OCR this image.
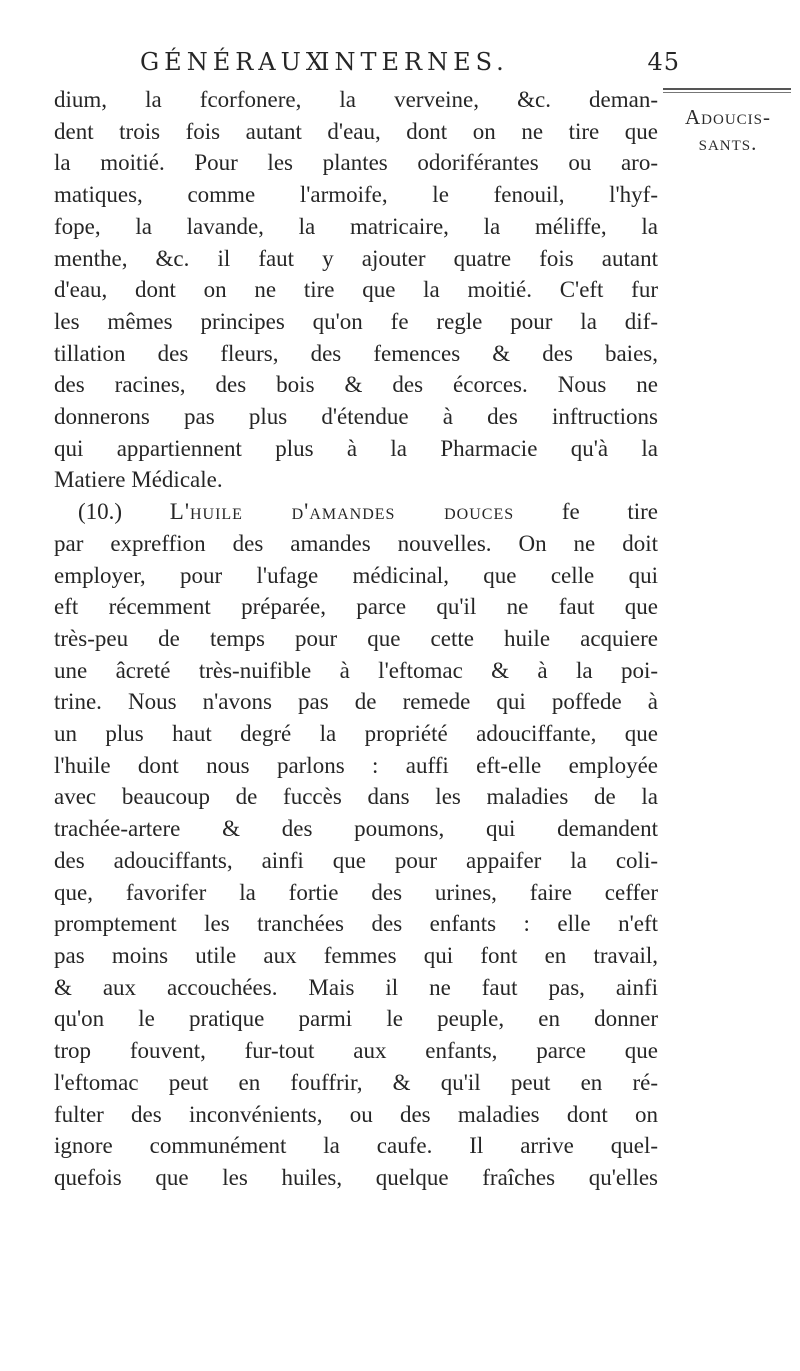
GÉNÉRAUX
INTERNES.	45
Adoucis-
sants.
dium, la fcorfonere, la verveine, &c. deman-
dent trois fois autant d'eau, dont on ne tire que
la moitié. Pour les plantes odoriférantes ou aro-
matiques, comme l'armoife, le fenouil, l'hyf-
fope, la lavande, la matricaire, la méliffe, la
menthe, &c. il faut y ajouter quatre fois autant
d'eau, dont on ne tire que la moitié. C'eft fur
les mêmes principes qu'on fe regle pour la dif-
tillation des fleurs, des femences & des baies,
des racines, des bois & des écorces. Nous ne
donnerons pas plus d'étendue à des inftructions
qui appartiennent plus à la Pharmacie qu'à la
Matiere Médicale.
(10.) L'huile d'amandes douces fe tire
par expreffion des amandes nouvelles. On ne doit
employer, pour l'ufage médicinal, que celle qui
eft récemment préparée, parce qu'il ne faut que
très-peu de temps pour que cette huile acquiere
une âcreté très-nuifible à l'eftomac & à la poi-
trine. Nous n'avons pas de remede qui poffede à
un plus haut degré la propriété adouciffante, que
l'huile dont nous parlons : auffi eft-elle employée
avec beaucoup de fuccès dans les maladies de la
trachée-artere & des poumons, qui demandent
des adouciffants, ainfi que pour appaifer la coli-
que, favorifer la fortie des urines, faire ceffer
promptement les tranchées des enfants : elle n'eft
pas moins utile aux femmes qui font en travail,
& aux accouchées. Mais il ne faut pas, ainfi
qu'on le pratique parmi le peuple, en donner
trop fouvent, fur-tout aux enfants, parce que
l'eftomac peut en fouffrir, & qu'il peut en ré-
fulter des inconvénients, ou des maladies dont on
ignore communément la caufe. Il arrive quel-
quefois que les huiles, quelque fraîches qu'elles
